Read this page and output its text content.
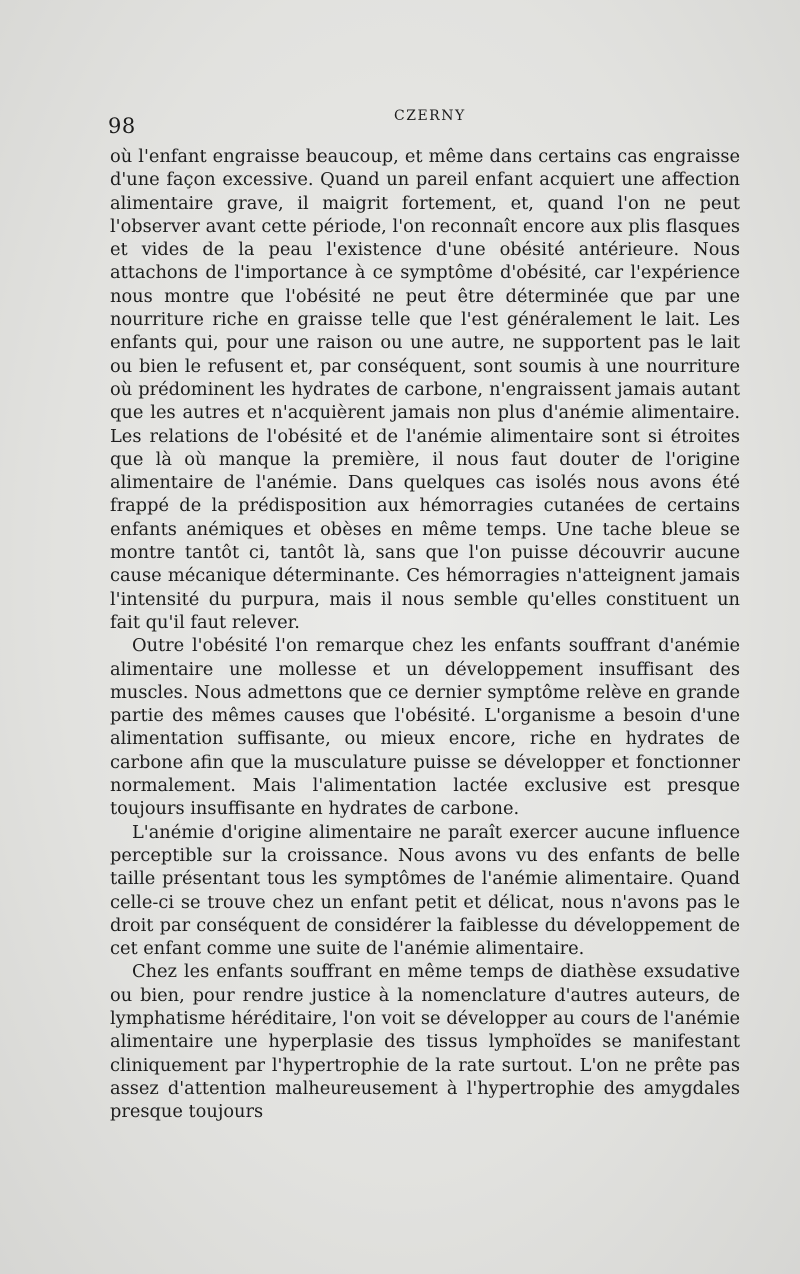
98	CZERNY

où l'enfant engraisse beaucoup, et même dans certains cas engraisse d'une façon excessive. Quand un pareil enfant acquiert une affection alimentaire grave, il maigrit fortement, et, quand l'on ne peut l'observer avant cette période, l'on reconnaît encore aux plis flasques et vides de la peau l'existence d'une obésité antérieure. Nous attachons de l'importance à ce symptôme d'obésité, car l'expérience nous montre que l'obésité ne peut être déterminée que par une nourriture riche en graisse telle que l'est généralement le lait. Les enfants qui, pour une raison ou une autre, ne supportent pas le lait ou bien le refusent et, par conséquent, sont soumis à une nourriture où prédominent les hydrates de carbone, n'engraissent jamais autant que les autres et n'acquièrent jamais non plus d'anémie alimentaire. Les relations de l'obésité et de l'anémie alimentaire sont si étroites que là où manque la première, il nous faut douter de l'origine alimentaire de l'anémie. Dans quelques cas isolés nous avons été frappé de la prédisposition aux hémorragies cutanées de certains enfants anémiques et obèses en même temps. Une tache bleue se montre tantôt ci, tantôt là, sans que l'on puisse découvrir aucune cause mécanique déterminante. Ces hémorragies n'atteignent jamais l'intensité du purpura, mais il nous semble qu'elles constituent un fait qu'il faut relever.

Outre l'obésité l'on remarque chez les enfants souffrant d'anémie alimentaire une mollesse et un développement insuffisant des muscles. Nous admettons que ce dernier symptôme relève en grande partie des mêmes causes que l'obésité. L'organisme a besoin d'une alimentation suffisante, ou mieux encore, riche en hydrates de carbone afin que la musculature puisse se développer et fonctionner normalement. Mais l'alimentation lactée exclusive est presque toujours insuffisante en hydrates de carbone.

L'anémie d'origine alimentaire ne paraît exercer aucune influence perceptible sur la croissance. Nous avons vu des enfants de belle taille présentant tous les symptômes de l'anémie alimentaire. Quand celle-ci se trouve chez un enfant petit et délicat, nous n'avons pas le droit par conséquent de considérer la faiblesse du développement de cet enfant comme une suite de l'anémie alimentaire.

Chez les enfants souffrant en même temps de diathèse exsudative ou bien, pour rendre justice à la nomenclature d'autres auteurs, de lymphatisme héréditaire, l'on voit se développer au cours de l'anémie alimentaire une hyperplasie des tissus lymphoïdes se manifestant cliniquement par l'hypertrophie de la rate surtout. L'on ne prête pas assez d'attention malheureusement à l'hypertrophie des amygdales presque toujours
